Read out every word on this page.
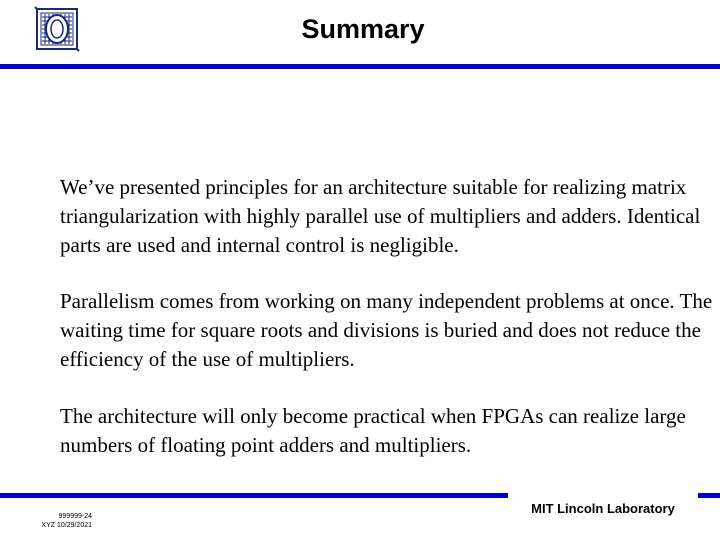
Summary
We’ve presented principles for an architecture suitable for realizing matrix triangularization with highly parallel use of multipliers and adders. Identical parts are used and internal control is negligible.
Parallelism comes from working on many independent problems at once. The waiting time for square roots and divisions is buried and does not reduce the efficiency of the use of multipliers.
The architecture will only become practical when FPGAs can realize large numbers of floating point adders and multipliers.
999999-24
XYZ 10/29/2021
MIT Lincoln Laboratory
